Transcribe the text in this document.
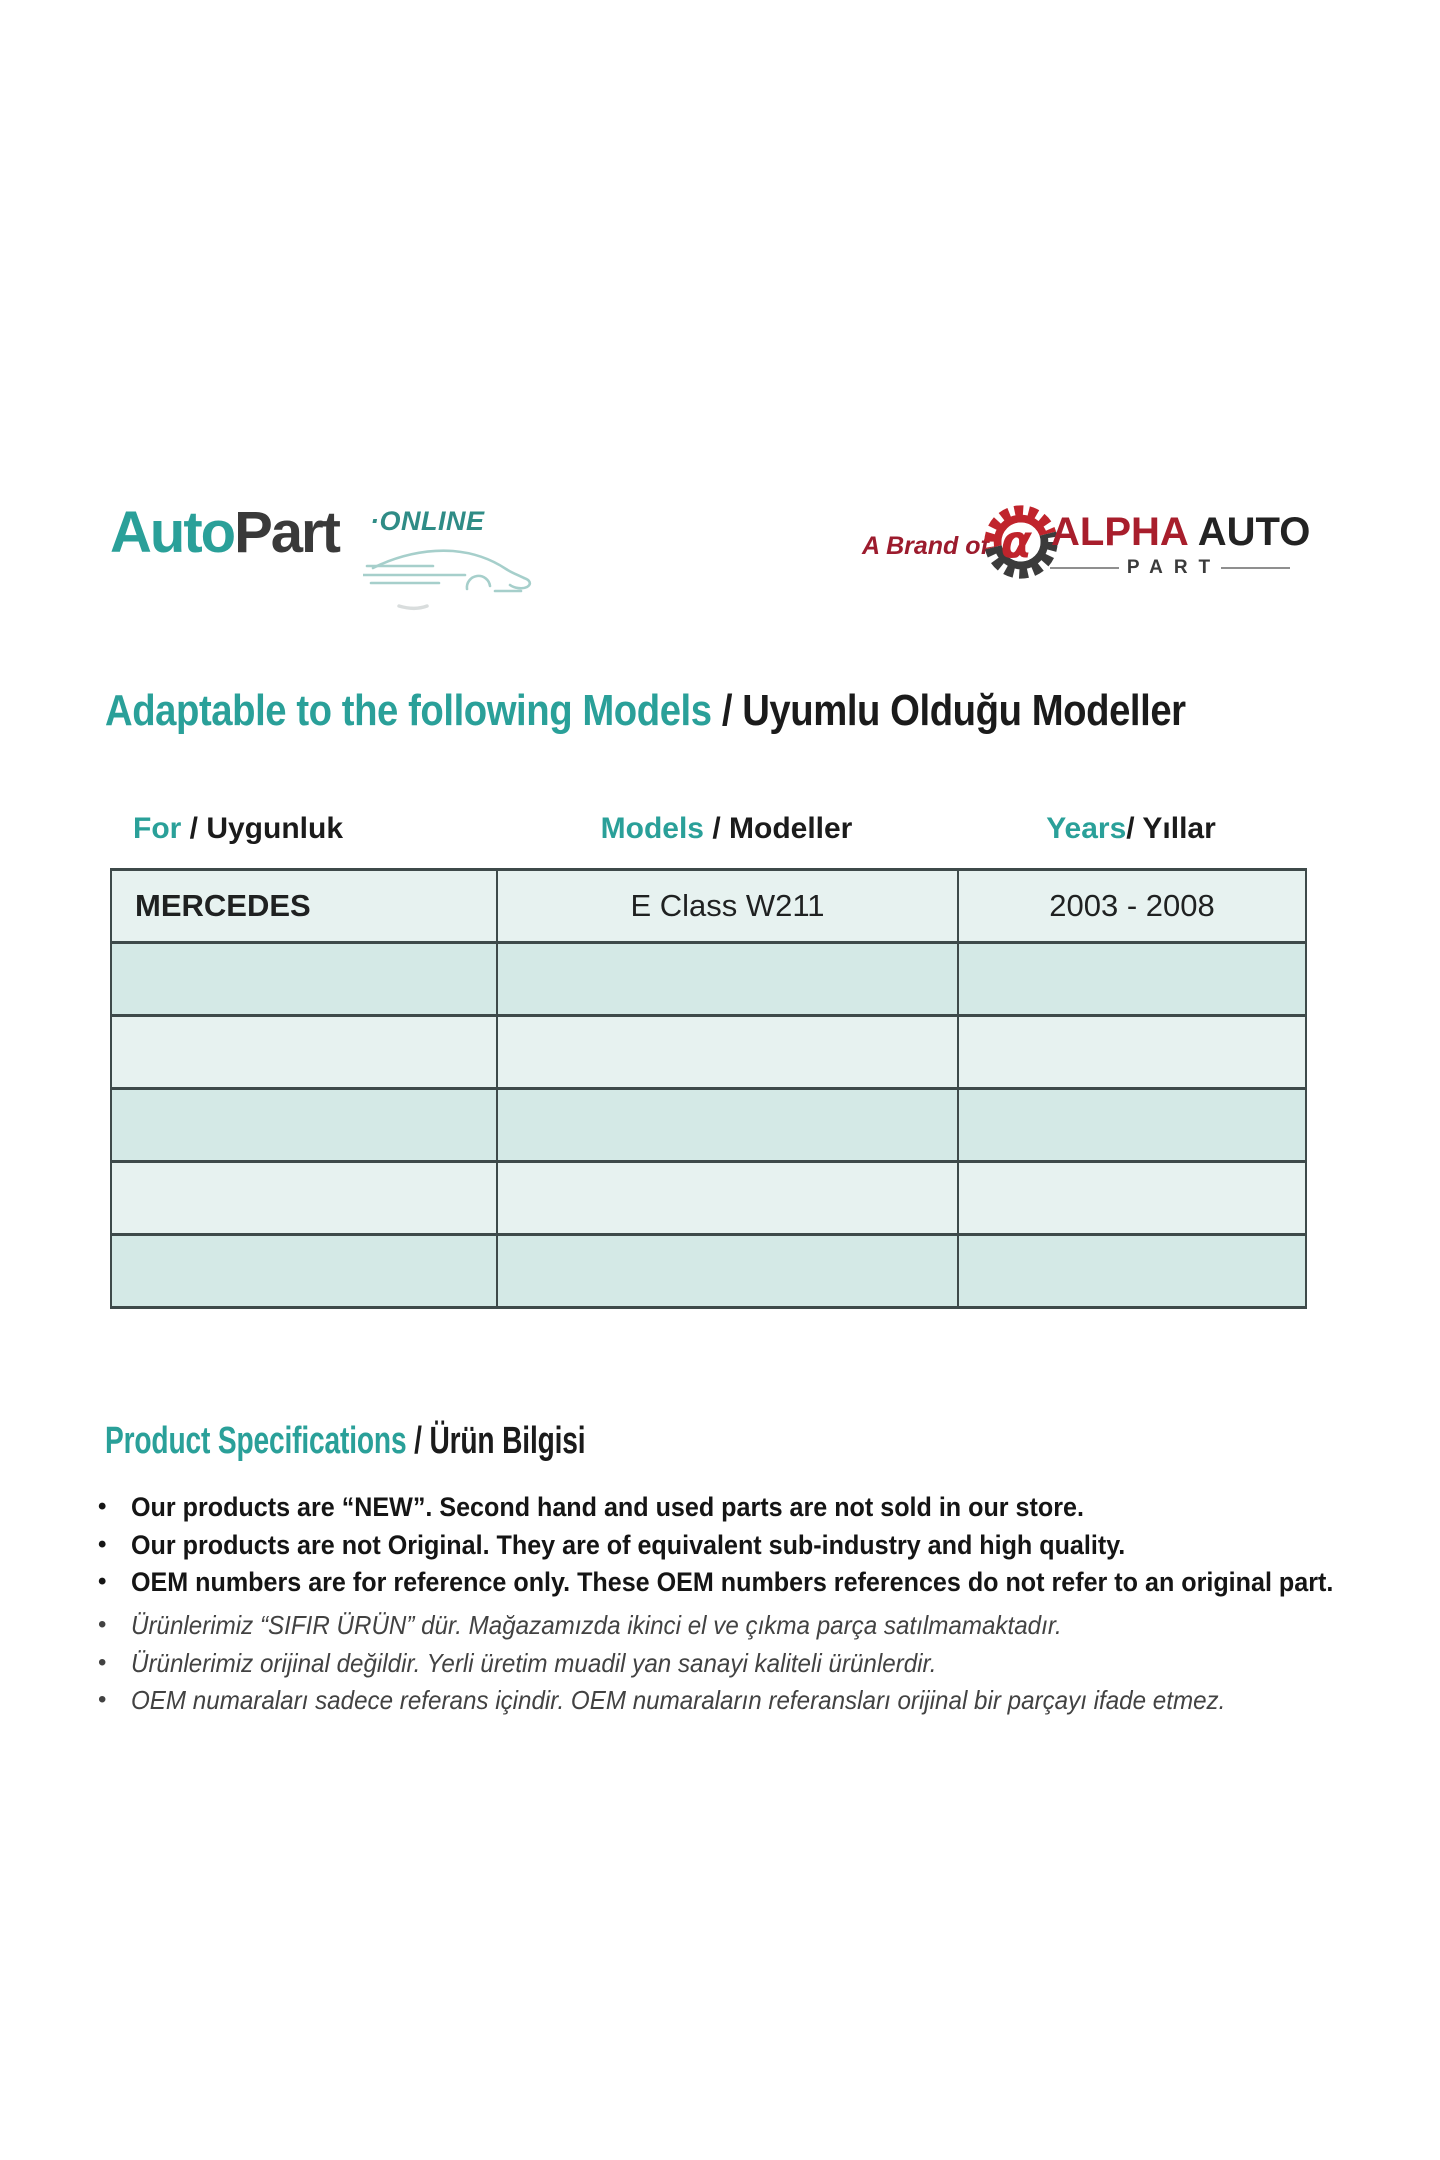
AutoPart	·ONLINE
A Brand of α ALPHA AUTO
PART
Adaptable to the following Models / Uyumlu Olduğu Modeller
For / Uygunluk	Models / Modeller	Years/ Yıllar
MERCEDES	E Class W211	2003 - 2008

Product Specifications / Ürün Bilgisi
• Our products are “NEW”. Second hand and used parts are not sold in our store.
• Our products are not Original. They are of equivalent sub-industry and high quality.
• OEM numbers are for reference only. These OEM numbers references do not refer to an original part.
• Ürünlerimiz “SIFIR ÜRÜN” dür. Mağazamızda ikinci el ve çıkma parça satılmamaktadır.
• Ürünlerimiz orijinal değildir. Yerli üretim muadil yan sanayi kaliteli ürünlerdir.
• OEM numaraları sadece referans içindir. OEM numaraların referansları orijinal bir parçayı ifade etmez.
